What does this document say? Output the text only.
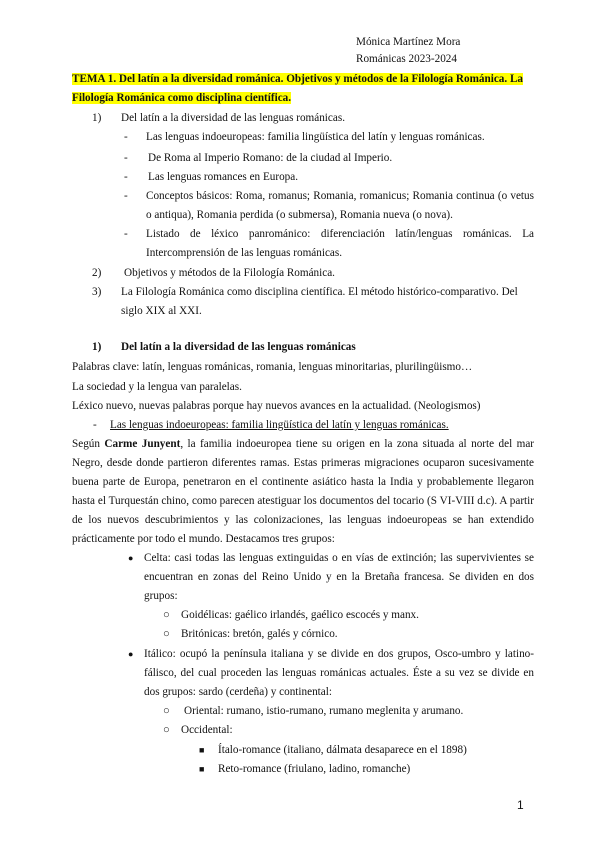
Mónica Martínez Mora
Románicas 2023-2024
TEMA 1. Del latín a la diversidad románica. Objetivos y métodos de la Filología Románica. La Filología Románica como disciplina científica.
1) Del latín a la diversidad de las lenguas románicas.
- Las lenguas indoeuropeas: familia lingüística del latín y lenguas románicas.
- De Roma al Imperio Romano: de la ciudad al Imperio.
- Las lenguas romances en Europa.
- Conceptos básicos: Roma, romanus; Romania, romanicus; Romania continua (o vetus o antiqua), Romania perdida (o submersa), Romania nueva (o nova).
- Listado de léxico panrománico: diferenciación latín/lenguas románicas. La Intercomprensión de las lenguas románicas.
2) Objetivos y métodos de la Filología Románica.
3) La Filología Románica como disciplina científica. El método histórico-comparativo. Del siglo XIX al XXI.
1) Del latín a la diversidad de las lenguas románicas
Palabras clave: latín, lenguas románicas, romania, lenguas minoritarias, plurilingüismo…
La sociedad y la lengua van paralelas.
Léxico nuevo, nuevas palabras porque hay nuevos avances en la actualidad. (Neologismos)
- Las lenguas indoeuropeas: familia lingüística del latín y lenguas románicas.
Según Carme Junyent, la familia indoeuropea tiene su origen en la zona situada al norte del mar Negro, desde donde partieron diferentes ramas. Estas primeras migraciones ocuparon sucesivamente buena parte de Europa, penetraron en el continente asiático hasta la India y probablemente llegaron hasta el Turquestán chino, como parecen atestiguar los documentos del tocario (S VI-VIII d.c). A partir de los nuevos descubrimientos y las colonizaciones, las lenguas indoeuropeas se han extendido prácticamente por todo el mundo. Destacamos tres grupos:
● Celta: casi todas las lenguas extinguidas o en vías de extinción; las supervivientes se encuentran en zonas del Reino Unido y en la Bretaña francesa. Se dividen en dos grupos:
○ Goidélicas: gaélico irlandés, gaélico escocés y manx.
○ Britónicas: bretón, galés y córnico.
● Itálico: ocupó la península italiana y se divide en dos grupos, Osco-umbro y latino-fálisco, del cual proceden las lenguas románicas actuales. Éste a su vez se divide en dos grupos: sardo (cerdeña) y continental:
○ Oriental: rumano, istio-rumano, rumano meglenita y arumano.
○ Occidental:
■ Ítalo-romance (italiano, dálmata desaparece en el 1898)
■ Reto-romance (friulano, ladino, romanche)
1
